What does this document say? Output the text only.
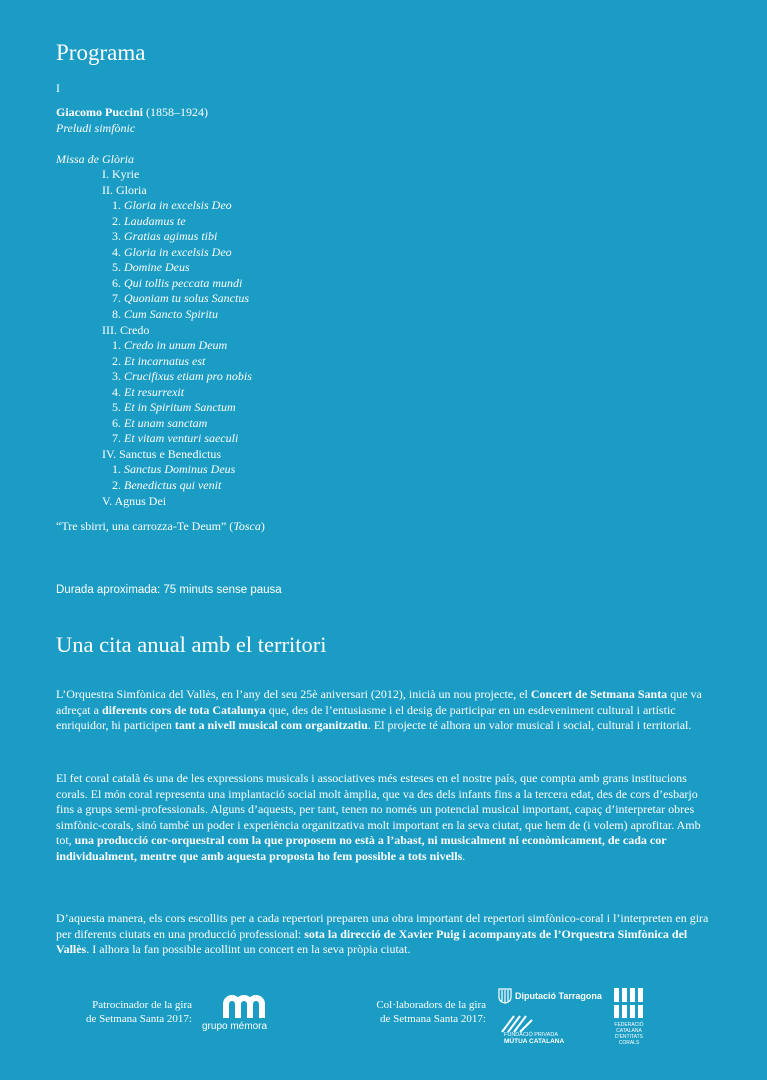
Programa
I
Giacomo Puccini (1858–1924)
Preludi simfònic
Missa de Glòria
I. Kyrie
II. Gloria
1. Gloria in excelsis Deo
2. Laudamus te
3. Gratias agimus tibi
4. Gloria in excelsis Deo
5. Domine Deus
6. Qui tollis peccata mundi
7. Quoniam tu solus Sanctus
8. Cum Sancto Spiritu
III. Credo
1. Credo in unum Deum
2. Et incarnatus est
3. Crucifixus etiam pro nobis
4. Et resurrexit
5. Et in Spiritum Sanctum
6. Et unam sanctam
7. Et vitam venturi saeculi
IV. Sanctus e Benedictus
1. Sanctus Dominus Deus
2. Benedictus qui venit
V. Agnus Dei
“Tre sbirri, una carrozza-Te Deum” (Tosca)
Durada aproximada: 75 minuts sense pausa
Una cita anual amb el territori
L’Orquestra Simfònica del Vallès, en l’any del seu 25è aniversari (2012), inicià un nou projecte, el Concert de Setmana Santa que va adreçat a diferents cors de tota Catalunya que, des de l’entusiasme i el desig de participar en un esdeveniment cultural i artístic enriquidor, hi participen tant a nivell musical com organitzatiu. El projecte té alhora un valor musical i social, cultural i territorial.
El fet coral català és una de les expressions musicals i associatives més esteses en el nostre país, que compta amb grans institucions corals. El món coral representa una implantació social molt àmplia, que va des dels infants fins a la tercera edat, des de cors d’esbarjo fins a grups semi-professionals. Alguns d’aquests, per tant, tenen no només un potencial musical important, capaç d’interpretar obres simfònic-corals, sinó també un poder i experiència organitzativa molt important en la seva ciutat, que hem de (i volem) aprofitar. Amb tot, una producció cor-orquestral com la que proposem no està a l’abast, ni musicalment ni econòmicament, de cada cor individualment, mentre que amb aquesta proposta ho fem possible a tots nivells.
D’aquesta manera, els cors escollits per a cada repertori preparen una obra important del repertori simfònico-coral i l’interpreten en gira per diferents ciutats en una producció professional: sota la direcció de Xavier Puig i acompanyats de l’Orquestra Simfònica del Vallès. I alhora la fan possible acollint un concert en la seva pròpia ciutat.
Patrocinador de la gira
de Setmana Santa 2017:
grupo mémora
Col·laboradors de la gira
de Setmana Santa 2017:
Diputació Tarragona
FUNDACIÓ PRIVADA
MÚTUA CATALANA
FEDERACIÓ
CATALANA
D'ENTITATS
CORALS
